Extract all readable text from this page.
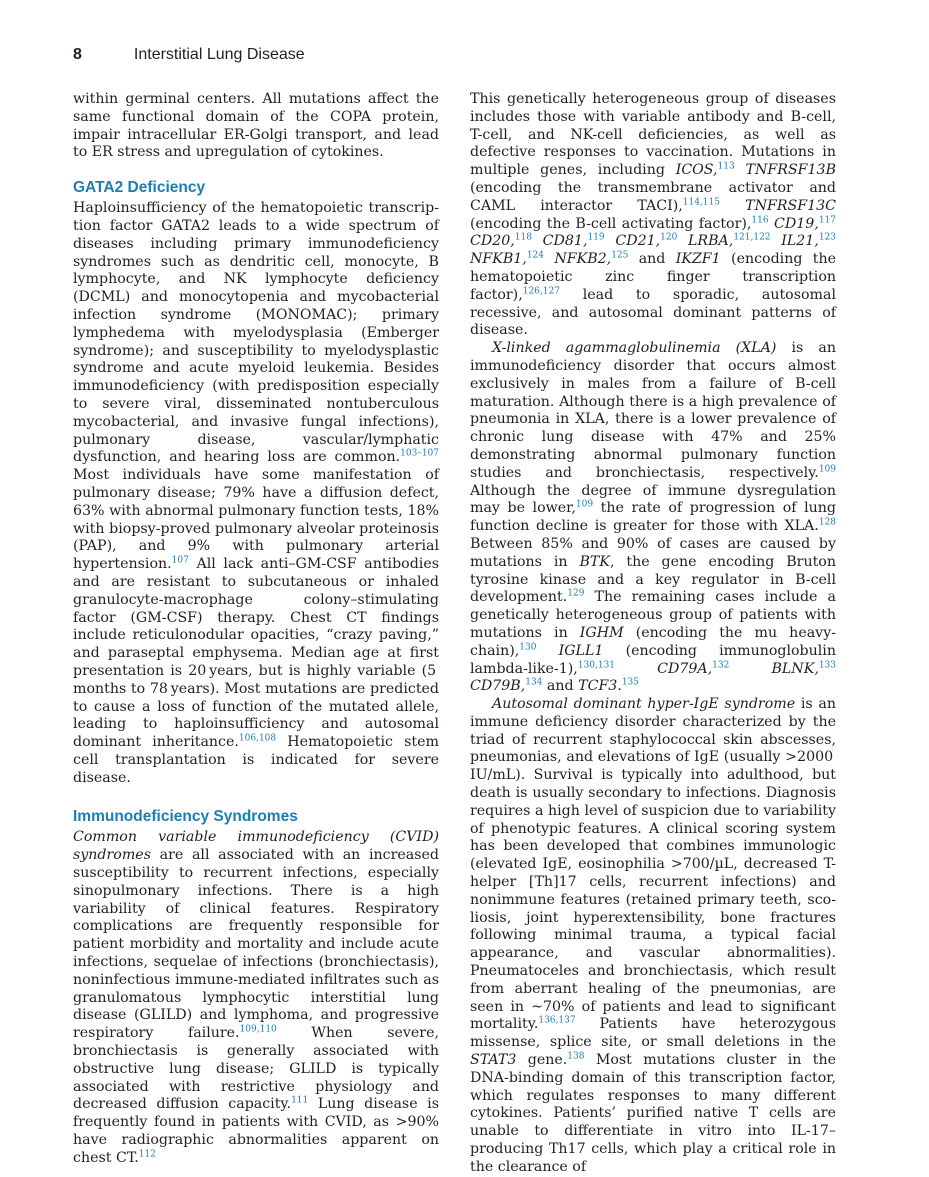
8	Interstitial Lung Disease

within germinal centers. All mutations affect the same functional domain of the COPA protein, impair intracellular ER-Golgi transport, and lead to ER stress and upregulation of cytokines.

GATA2 Deficiency

Haploinsufficiency of the hematopoietic transcription factor GATA2 leads to a wide spectrum of diseases including primary immunodeficiency syndromes such as dendritic cell, monocyte, B lymphocyte, and NK lymphocyte deficiency (DCML) and monocytopenia and mycobacterial infection syndrome (MONOMAC); primary lymphedema with myelodysplasia (Emberger syndrome); and susceptibility to myelodysplastic syndrome and acute myeloid leukemia. Besides immunodeficiency (with predisposition especially to severe viral, disseminated nontuberculous mycobacterial, and invasive fungal infections), pulmonary disease, vascular/lymphatic dysfunction, and hearing loss are common.$^{103-107}$ Most individuals have some manifestation of pulmonary disease; 79% have a diffusion defect, 63% with abnormal pulmonary function tests, 18% with biopsy-proved pulmonary alveolar proteinosis (PAP), and 9% with pulmonary arterial hypertension.$^{107}$ All lack anti–GM-CSF antibodies and are resistant to subcutaneous or inhaled granulocyte-macrophage colony–stimulating factor (GM-CSF) therapy. Chest CT findings include reticulonodular opacities, “crazy paving,” and paraseptal emphysema. Median age at first presentation is 20 years, but is highly variable (5 months to 78 years). Most mutations are predicted to cause a loss of function of the mutated allele, leading to haploinsufficiency and autosomal dominant inheritance.$^{106,108}$ Hematopoietic stem cell transplantation is indicated for severe disease.

Immunodeficiency Syndromes

Common variable immunodeficiency (CVID) syndromes are all associated with an increased susceptibility to recurrent infections, especially sinopulmonary infections. There is a high variability of clinical features. Respiratory complications are frequently responsible for patient morbidity and mortality and include acute infections, sequelae of infections (bronchiectasis), noninfectious immune-mediated infiltrates such as granulomatous lymphocytic interstitial lung disease (GLILD) and lymphoma, and progressive respiratory failure.$^{109,110}$ When severe, bronchiectasis is generally associated with obstructive lung disease; GLILD is typically associated with restrictive physiology and decreased diffusion capacity.$^{111}$ Lung disease is frequently found in patients with CVID, as >90% have radiographic abnormalities apparent on chest CT.$^{112}$

This genetically heterogeneous group of diseases includes those with variable antibody and B-cell, T-cell, and NK-cell deficiencies, as well as defective responses to vaccination. Mutations in multiple genes, including ICOS,$^{113}$ TNFRSF13B (encoding the transmembrane activator and CAML interactor TACI),$^{114,115}$ TNFRSF13C (encoding the B-cell activating factor),$^{116}$ CD19,$^{117}$ CD20,$^{118}$ CD81,$^{119}$ CD21,$^{120}$ LRBA,$^{121,122}$ IL21,$^{123}$ NFKB1,$^{124}$ NFKB2,$^{125}$ and IKZF1 (encoding the hematopoietic zinc finger transcription factor),$^{126,127}$ lead to sporadic, autosomal recessive, and autosomal dominant patterns of disease.

X-linked agammaglobulinemia (XLA) is an immunodeficiency disorder that occurs almost exclusively in males from a failure of B-cell maturation. Although there is a high prevalence of pneumonia in XLA, there is a lower prevalence of chronic lung disease with 47% and 25% demonstrating abnormal pulmonary function studies and bronchiectasis, respectively.$^{109}$ Although the degree of immune dysregulation may be lower,$^{109}$ the rate of progression of lung function decline is greater for those with XLA.$^{128}$ Between 85% and 90% of cases are caused by mutations in BTK, the gene encoding Bruton tyrosine kinase and a key regulator in B-cell development.$^{129}$ The remaining cases include a genetically heterogeneous group of patients with mutations in IGHM (encoding the mu heavy-chain),$^{130}$ IGLL1 (encoding immunoglobulin lambda-like-1),$^{130,131}$	CD79A,$^{132}$	BLNK,$^{133}$ CD79B,$^{134}$ and TCF3.$^{135}$

Autosomal dominant hyper-IgE syndrome is an immune deficiency disorder characterized by the triad of recurrent staphylococcal skin abscesses, pneumonias, and elevations of IgE (usually >2000 IU/mL). Survival is typically into adulthood, but death is usually secondary to infections. Diagnosis requires a high level of suspicion due to variability of phenotypic features. A clinical scoring system has been developed that combines immunologic (elevated IgE, eosinophilia >700/µL, decreased T-helper [Th]17 cells, recurrent infections) and nonimmune features (retained primary teeth, scoliosis, joint hyperextensibility, bone fractures following minimal trauma, a typical facial appearance, and vascular abnormalities). Pneumatoceles and bronchiectasis, which result from aberrant healing of the pneumonias, are seen in ~70% of patients and lead to significant mortality.$^{136,137}$ Patients have heterozygous missense, splice site, or small deletions in the STAT3 gene.$^{138}$ Most mutations cluster in the DNA-binding domain of this transcription factor, which regulates responses to many different cytokines. Patients’ purified native T cells are unable to differentiate in vitro into IL-17–producing Th17 cells, which play a critical role in the clearance of
